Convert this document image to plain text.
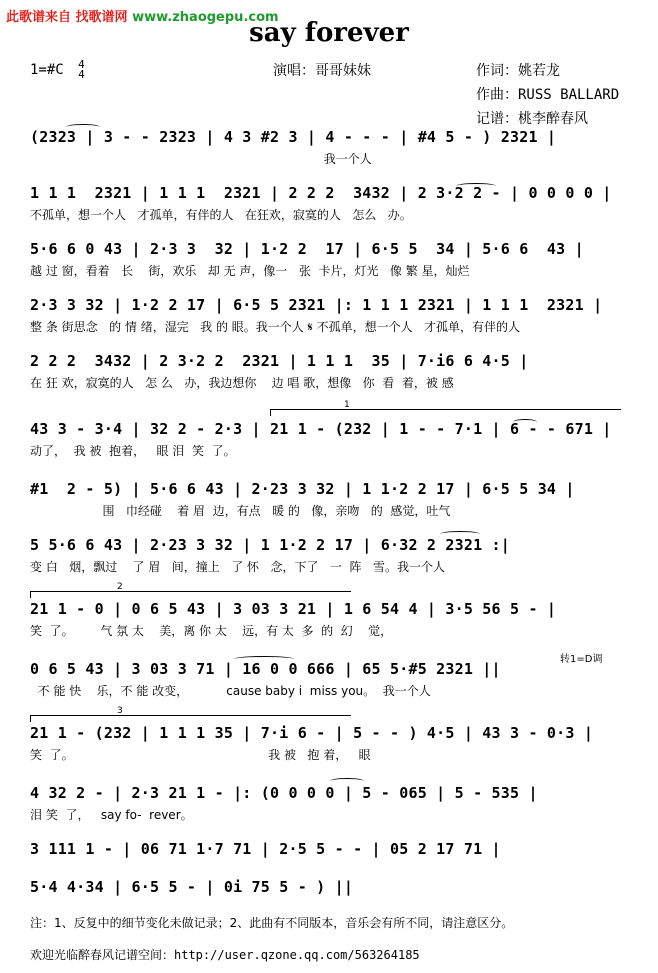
此歌谱来自 找歌谱网 www.zhaogepu.com
say forever
1=#C 4
4	演唱：哥哥妹妹	作词：姚若龙
作曲：RUSS BALLARD
记谱：桃李醉春风
(2323 | 3 - - 2323 | 4 3 #2 3 | 4 - - - | #4 5 - ) 2321 |
我一个人
1 1 1  2321 | 1 1 1  2321 | 2 2 2  3432 | 2 3·2 2 - | 0 0 0 0 |
不孤单，想一个人   才孤单，有伴的人   在狂欢，寂寞的人   怎么   办。
5·6 6 0 43 | 2·3 3  32 | 1·2 2  17 | 6·5 5  34 | 5·6 6  43 |
越 过 窗，看着   长    街，欢乐   却 无 声，像一   张  卡片，灯光   像 繁 星，灿烂
2·3 3 32 | 1·2 2 17 | 6·5 5 2321 |: 1 1 1 2321 | 1 1 1  2321 |
整 条 街思念   的 情 绪，湿完   我 的 眼。我一个人 𝄋 不孤单，想一个人   才孤单，有伴的人
2 2 2  3432 | 2 3·2 2  2321 | 1 1 1  35 | 7·i6 6 4·5 |
在 狂 欢，寂寞的人   怎 么   办，我边想你    边 唱 歌，想像   你  看  着，被 感
43 3 - 3·4 | 32 2 - 2·3 | 21 1 - (232 | 1 - - 7·1 | 6 - - 671 |
动了，  我 被  抱着，   眼 泪  笑  了。
#1  2 - 5) | 5·6 6 43 | 2·23 3 32 | 1 1·2 2 17 | 6·5 5 34 |
围   巾经碰    着 眉  边，有点   暖 的   像，亲吻   的  感觉，吐气
5 5·6 6 43 | 2·23 3 32 | 1 1·2 2 17 | 6·32 2 2321 :|
变 白   烟，飘过    了 眉   间，撞上   了 怀   念，下了   一  阵   雪。我一个人
21 1 - 0 | 0 6 5 43 | 3 03 3 21 | 1 6 54 4 | 3·5 56 5 - |
笑  了。       气 氛 太    美，离 你 太    远，有 太  多  的  幻    觉，
0 6 5 43 | 3 03 3 71 | 16 0 0 666 | 65 5·#5 2321 ||
不 能 快    乐，不 能 改变，          cause baby i  miss you。  我一个人
21 1 - (232 | 1 1 1 35 | 7·i 6 - | 5 - - ) 4·5 | 43 3 - 0·3 |
笑  了。                                                   我 被   抱 着，   眼
4 32 2 - | 2·3 21 1 - |: (0 0 0 0 | 5 - 065 | 5 - 535 |
泪 笑  了，   say fo-  rever。
3 111 1 - | 06 71 1·7 71 | 2·5 5 - - | 05 2 17 71 |
5·4 4·34 | 6·5 5 - | 0i 75 5 - ) ||
1
2
3
转1=D调
注：1、反复中的细节变化未做记录；2、此曲有不同版本，音乐会有所不同，请注意区分。
欢迎光临醉春风记谱空间：http://user.qzone.qq.com/563264185
